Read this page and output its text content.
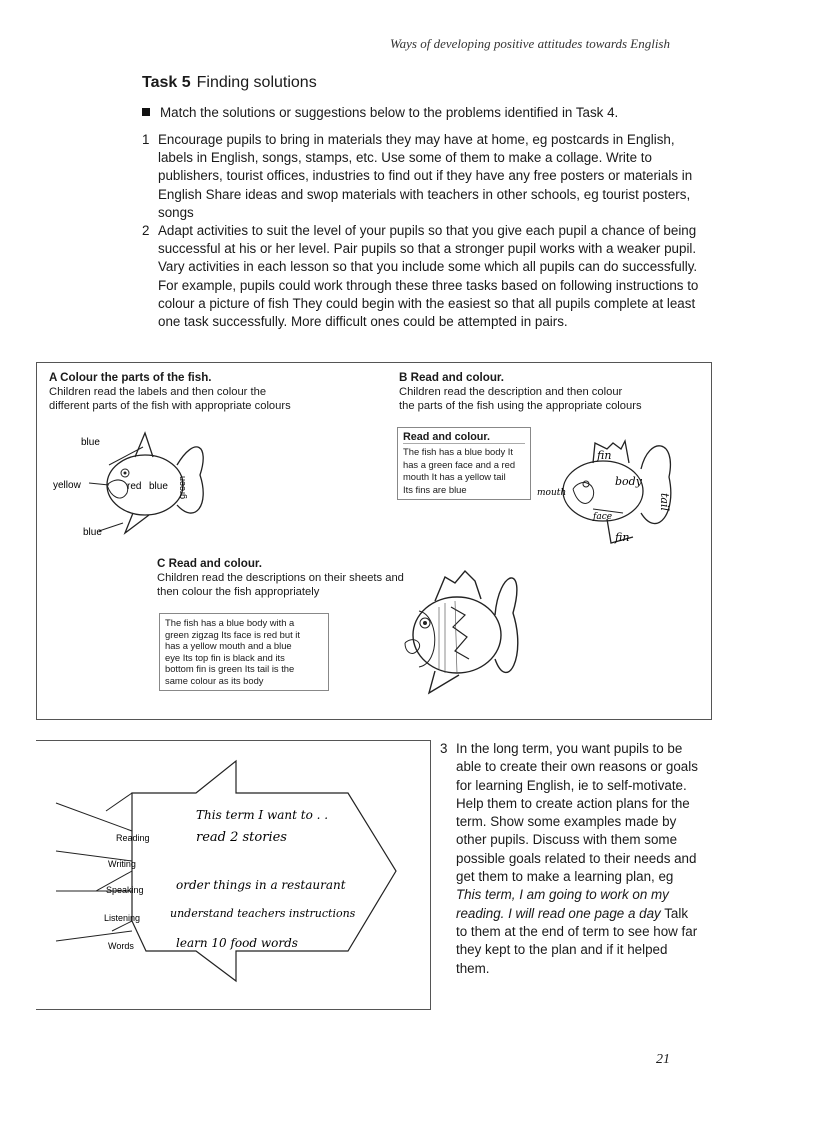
Ways of developing positive attitudes towards English
Task 5 Finding solutions
Match the solutions or suggestions below to the problems identified in Task 4.
1 Encourage pupils to bring in materials they may have at home, eg postcards in English, labels in English, songs, stamps, etc. Use some of them to make a collage. Write to publishers, tourist offices, industries to find out if they have any free posters or materials in English Share ideas and swop materials with teachers in other schools, eg tourist posters, songs
2 Adapt activities to suit the level of your pupils so that you give each pupil a chance of being successful at his or her level. Pair pupils so that a stronger pupil works with a weaker pupil. Vary activities in each lesson so that you include some which all pupils can do successfully. For example, pupils could work through these three tasks based on following instructions to colour a picture of fish They could begin with the easiest so that all pupils complete at least one task successfully. More difficult ones could be attempted in pairs.
A Colour the parts of the fish.
Children read the labels and then colour the
different parts of the fish with appropriate colours
blue
yellow	red blue green
blue
B Read and colour.
Children read the description and then colour
the parts of the fish using the appropriate colours
Read and colour.
The fish has a blue body It
has a green face and a red
mouth It has a yellow tail
Its fins are blue
fin
body
mouth
face
tail
fin
C Read and colour.
Children read the descriptions on their sheets and
then colour the fish appropriately
The fish has a blue body with a
green zigzag Its face is red but it
has a yellow mouth and a blue
eye Its top fin is black and its
bottom fin is green Its tail is the
same colour as its body
This term I want to . .
Reading	read 2 stories
Writing
order things in a restaurant
Speaking
understand teachers instructions
Listening
learn 10 food words
Words
3 In the long term, you want pupils to be able to create their own reasons or goals for learning English, ie to self-motivate. Help them to create action plans for the term. Show some examples made by other pupils. Discuss with them some possible goals related to their needs and get them to make a learning plan, eg This term, I am going to work on my reading. I will read one page a day Talk to them at the end of term to see how far they kept to the plan and if it helped them.
21
